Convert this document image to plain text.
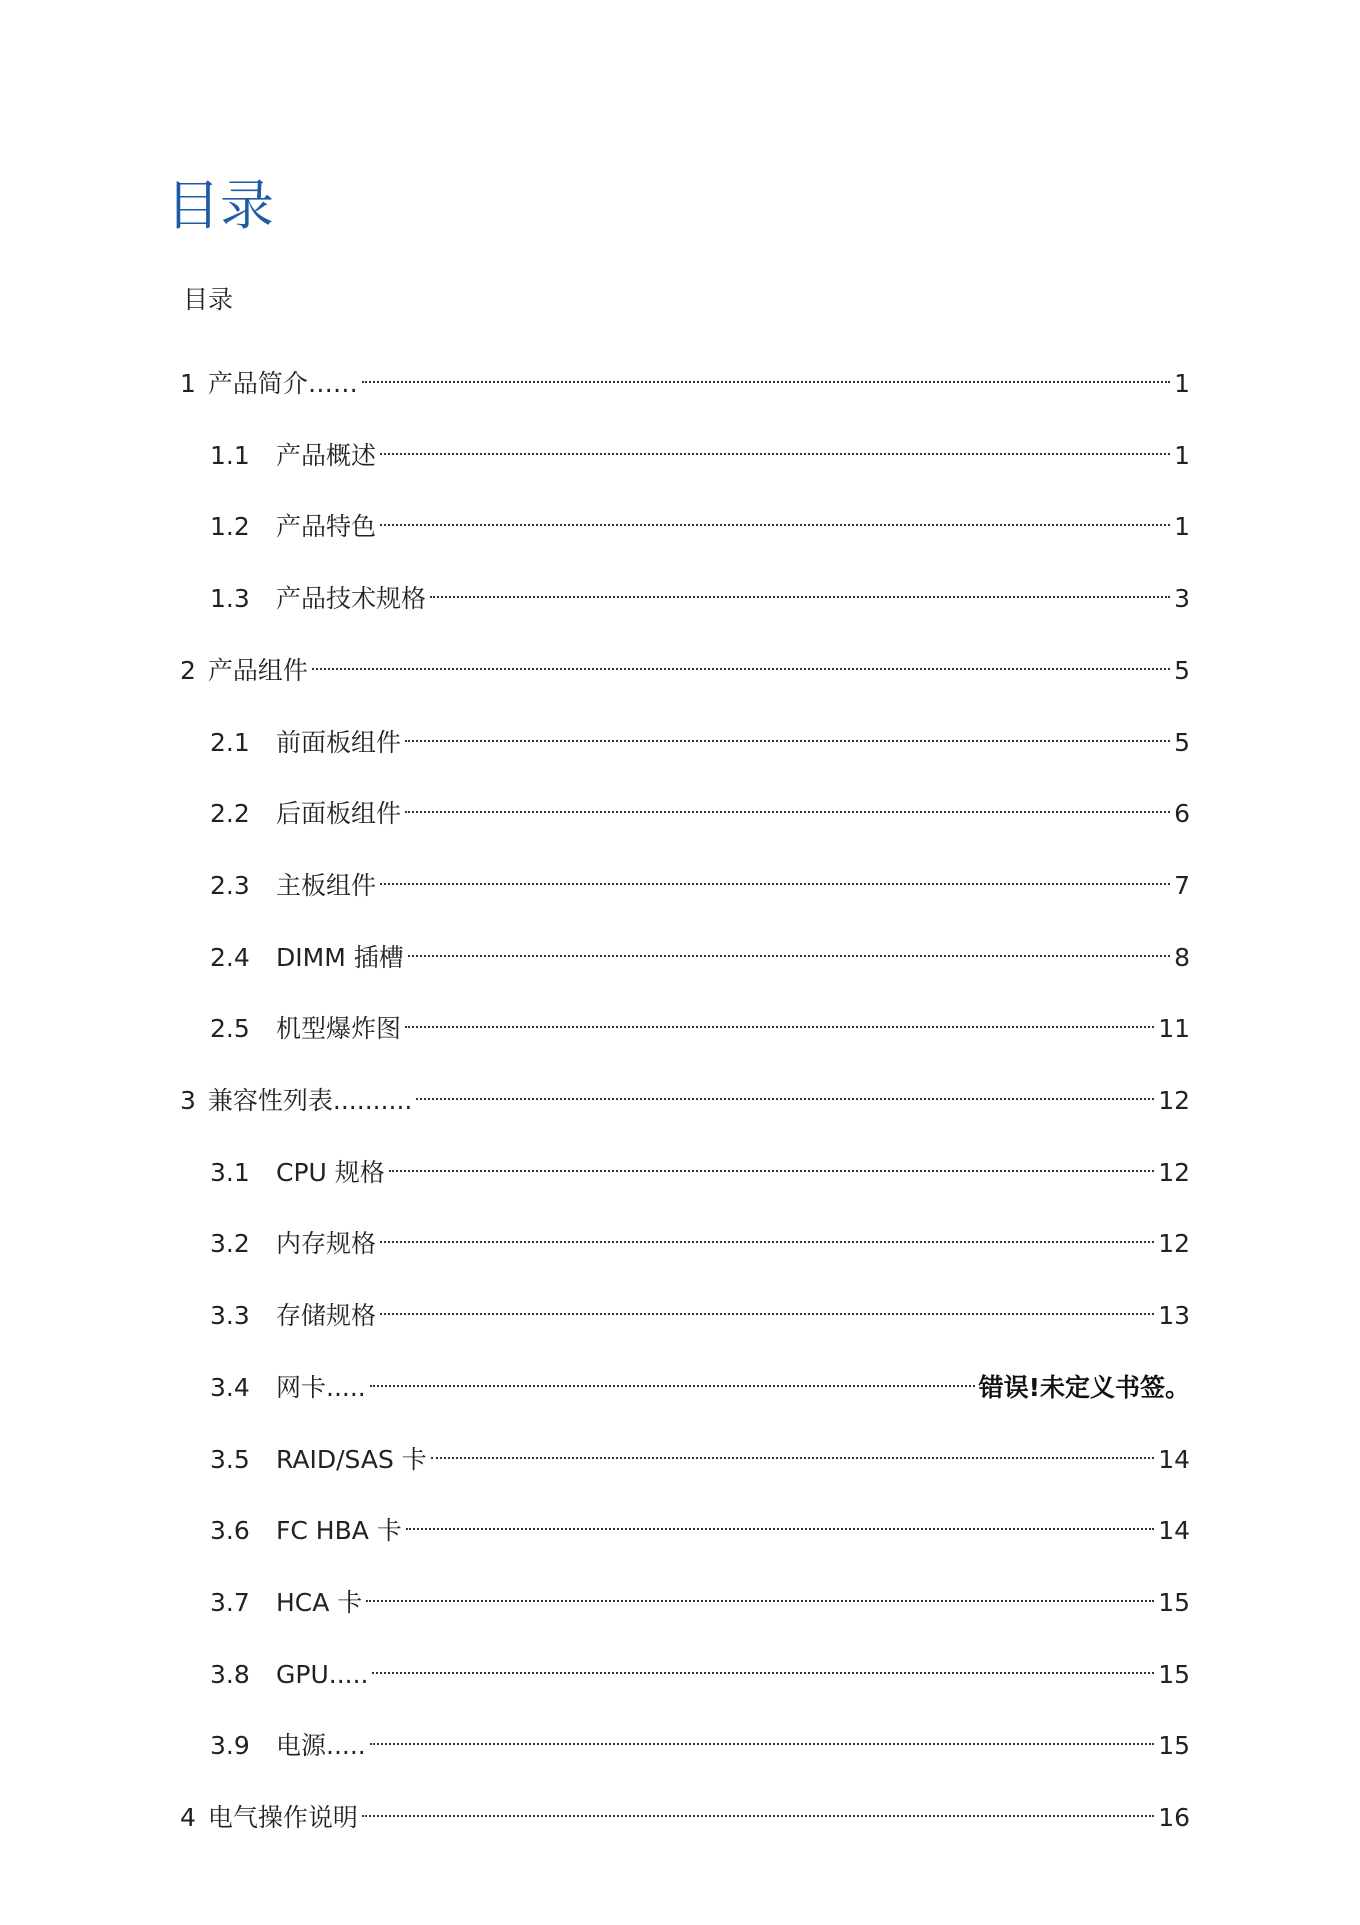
目录
目录
1 产品简介……	1
1.1	产品概述	1
1.2	产品特色	1
1.3	产品技术规格	3
2 产品组件	5
2.1	前面板组件	5
2.2	后面板组件	6
2.3	主板组件	7
2.4	DIMM 插槽	8
2.5	机型爆炸图	11
3 兼容性列表..........	12
3.1	CPU 规格	12
3.2	内存规格	12
3.3	存储规格	13
3.4	网卡.....	错误!未定义书签。
3.5	RAID/SAS 卡	14
3.6	FC HBA 卡	14
3.7	HCA 卡	15
3.8	GPU.....	15
3.9	电源.....	15
4 电气操作说明	16
